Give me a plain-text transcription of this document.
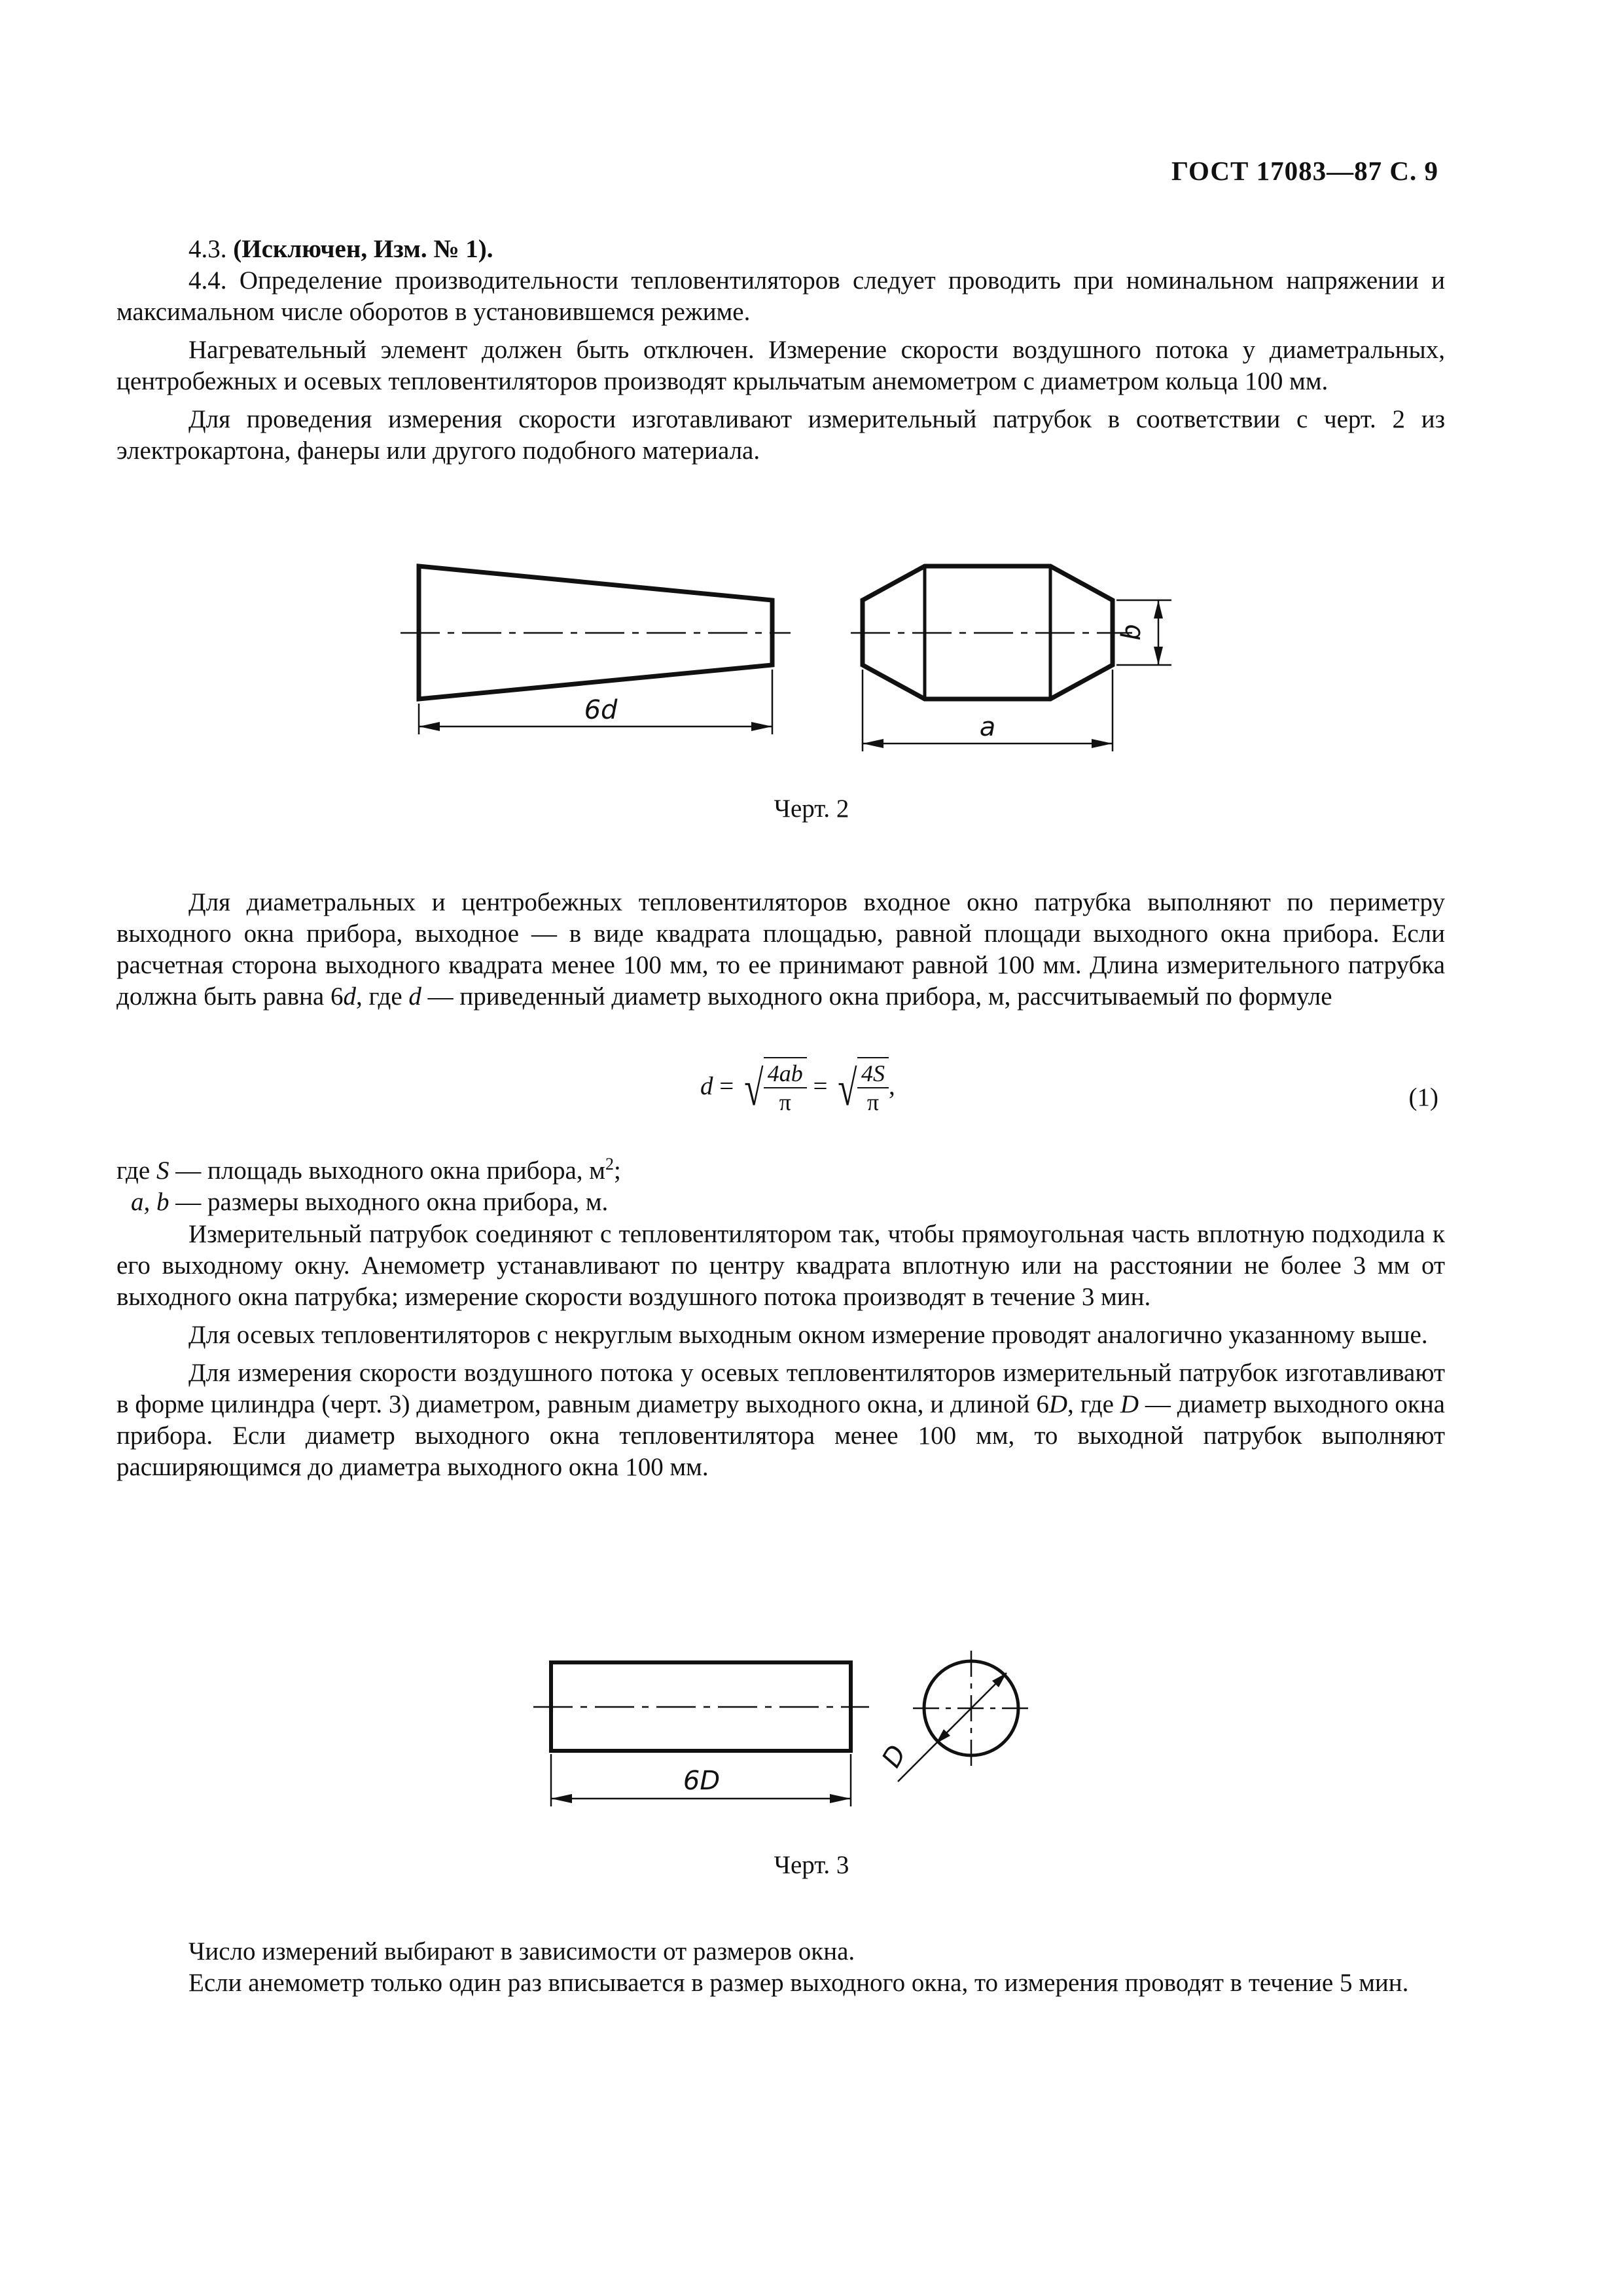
ГОСТ 17083—87 С. 9

4.3. (Исключен, Изм. № 1).

4.4. Определение производительности тепловентиляторов следует проводить при номинальном напряжении и максимальном числе оборотов в установившемся режиме.

Нагревательный элемент должен быть отключен. Измерение скорости воздушного потока у диаметральных, центробежных и осевых тепловентиляторов производят крыльчатым анемометром с диаметром кольца 100 мм.

Для проведения измерения скорости изготавливают измерительный патрубок в соответствии с черт. 2 из электрокартона, фанеры или другого подобного материала.

6d
a
b
Черт. 2

Для диаметральных и центробежных тепловентиляторов входное окно патрубка выполняют по периметру выходного окна прибора, выходное — в виде квадрата площадью, равной площади выходного окна прибора. Если расчетная сторона выходного квадрата менее 100 мм, то ее принимают равной 100 мм. Длина измерительного патрубка должна быть равна 6d, где d — приведенный диаметр выходного окна прибора, м, рассчитываемый по формуле

d = √ $\frac{4ab}{\pi}$ = √ $\frac{4S}{\pi}$ ,	(1)

где S — площадь выходного окна прибора, $м^2$;

a, b — размеры выходного окна прибора, м.

Измерительный патрубок соединяют с тепловентилятором так, чтобы прямоугольная часть вплотную подходила к его выходному окну. Анемометр устанавливают по центру квадрата вплотную или на расстоянии не более 3 мм от выходного окна патрубка; измерение скорости воздушного потока производят в течение 3 мин.

Для осевых тепловентиляторов с некруглым выходным окном измерение проводят аналогично указанному выше.

Для измерения скорости воздушного потока у осевых тепловентиляторов измерительный патрубок изготавливают в форме цилиндра (черт. 3) диаметром, равным диаметру выходного окна, и длиной 6D, где D — диаметр выходного окна прибора. Если диаметр выходного окна тепловентилятора менее 100 мм, то выходной патрубок выполняют расширяющимся до диаметра выходного окна 100 мм.

6D
D
Черт. 3

Число измерений выбирают в зависимости от размеров окна.

Если анемометр только один раз вписывается в размер выходного окна, то измерения проводят в течение 5 мин.
